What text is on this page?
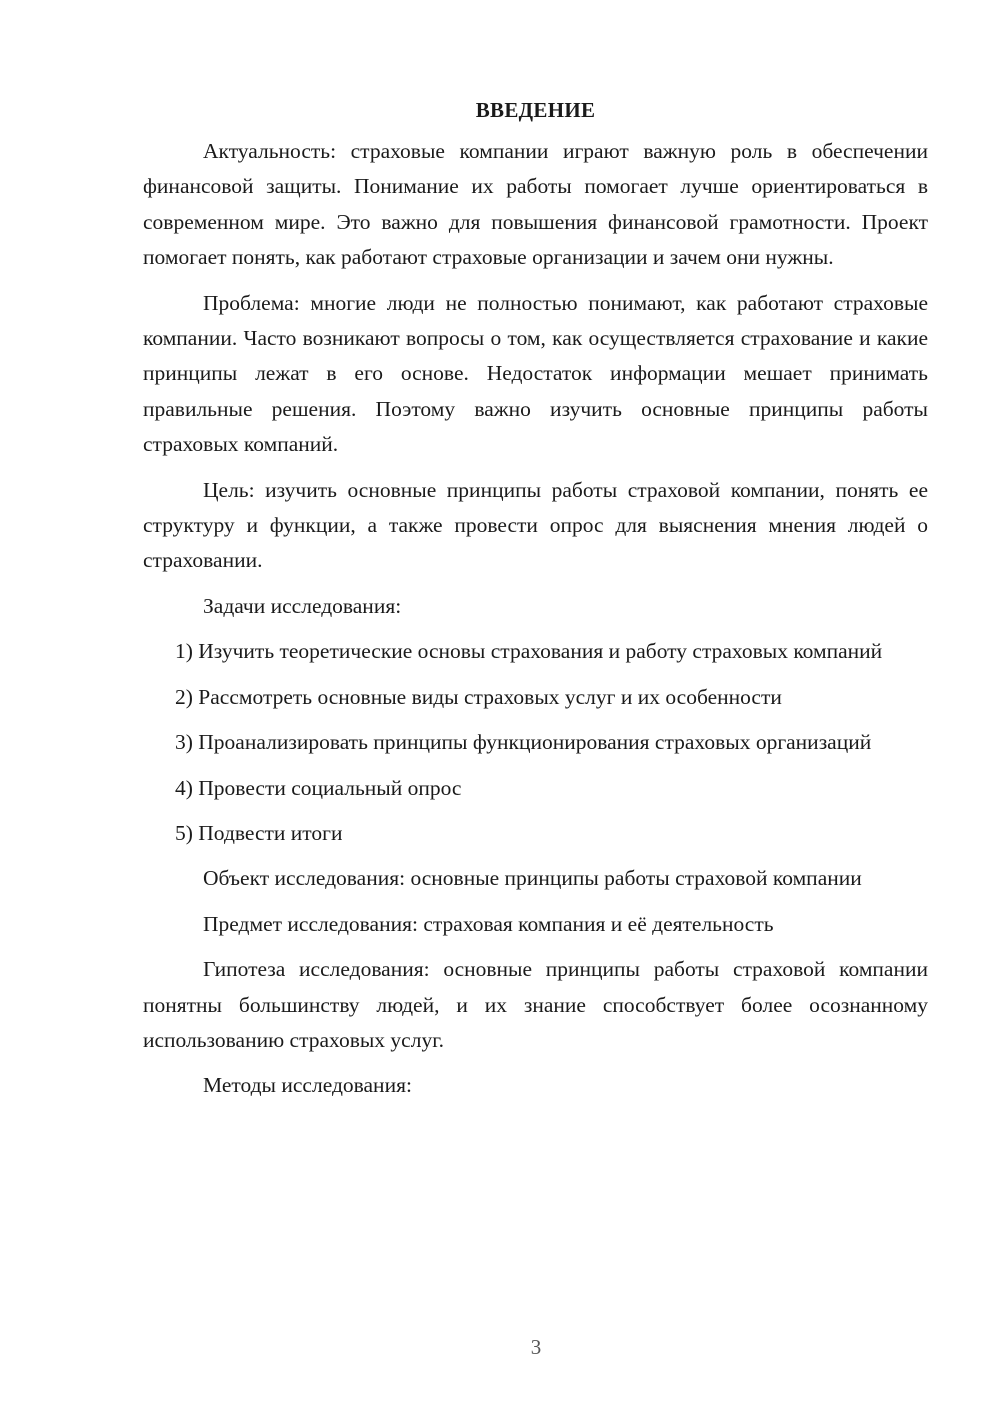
ВВЕДЕНИЕ

Актуальность: страховые компании играют важную роль в обеспечении финансовой защиты. Понимание их работы помогает лучше ориентироваться в современном мире. Это важно для повышения финансовой грамотности. Проект помогает понять, как работают страховые организации и зачем они нужны.

Проблема: многие люди не полностью понимают, как работают страховые компании. Часто возникают вопросы о том, как осуществляется страхование и какие принципы лежат в его основе. Недостаток информации мешает принимать правильные решения. Поэтому важно изучить основные принципы работы страховых компаний.

Цель: изучить основные принципы работы страховой компании, понять ее структуру и функции, а также провести опрос для выяснения мнения людей о страховании.

Задачи исследования:

1) Изучить теоретические основы страхования и работу страховых компаний

2) Рассмотреть основные виды страховых услуг и их особенности

3) Проанализировать принципы функционирования страховых организаций

4) Провести социальный опрос

5) Подвести итоги

Объект исследования: основные принципы работы страховой компании

Предмет исследования: страховая компания и её деятельность

Гипотеза исследования: основные принципы работы страховой компании понятны большинству людей, и их знание способствует более осознанному использованию страховых услуг.

Методы исследования:

3
